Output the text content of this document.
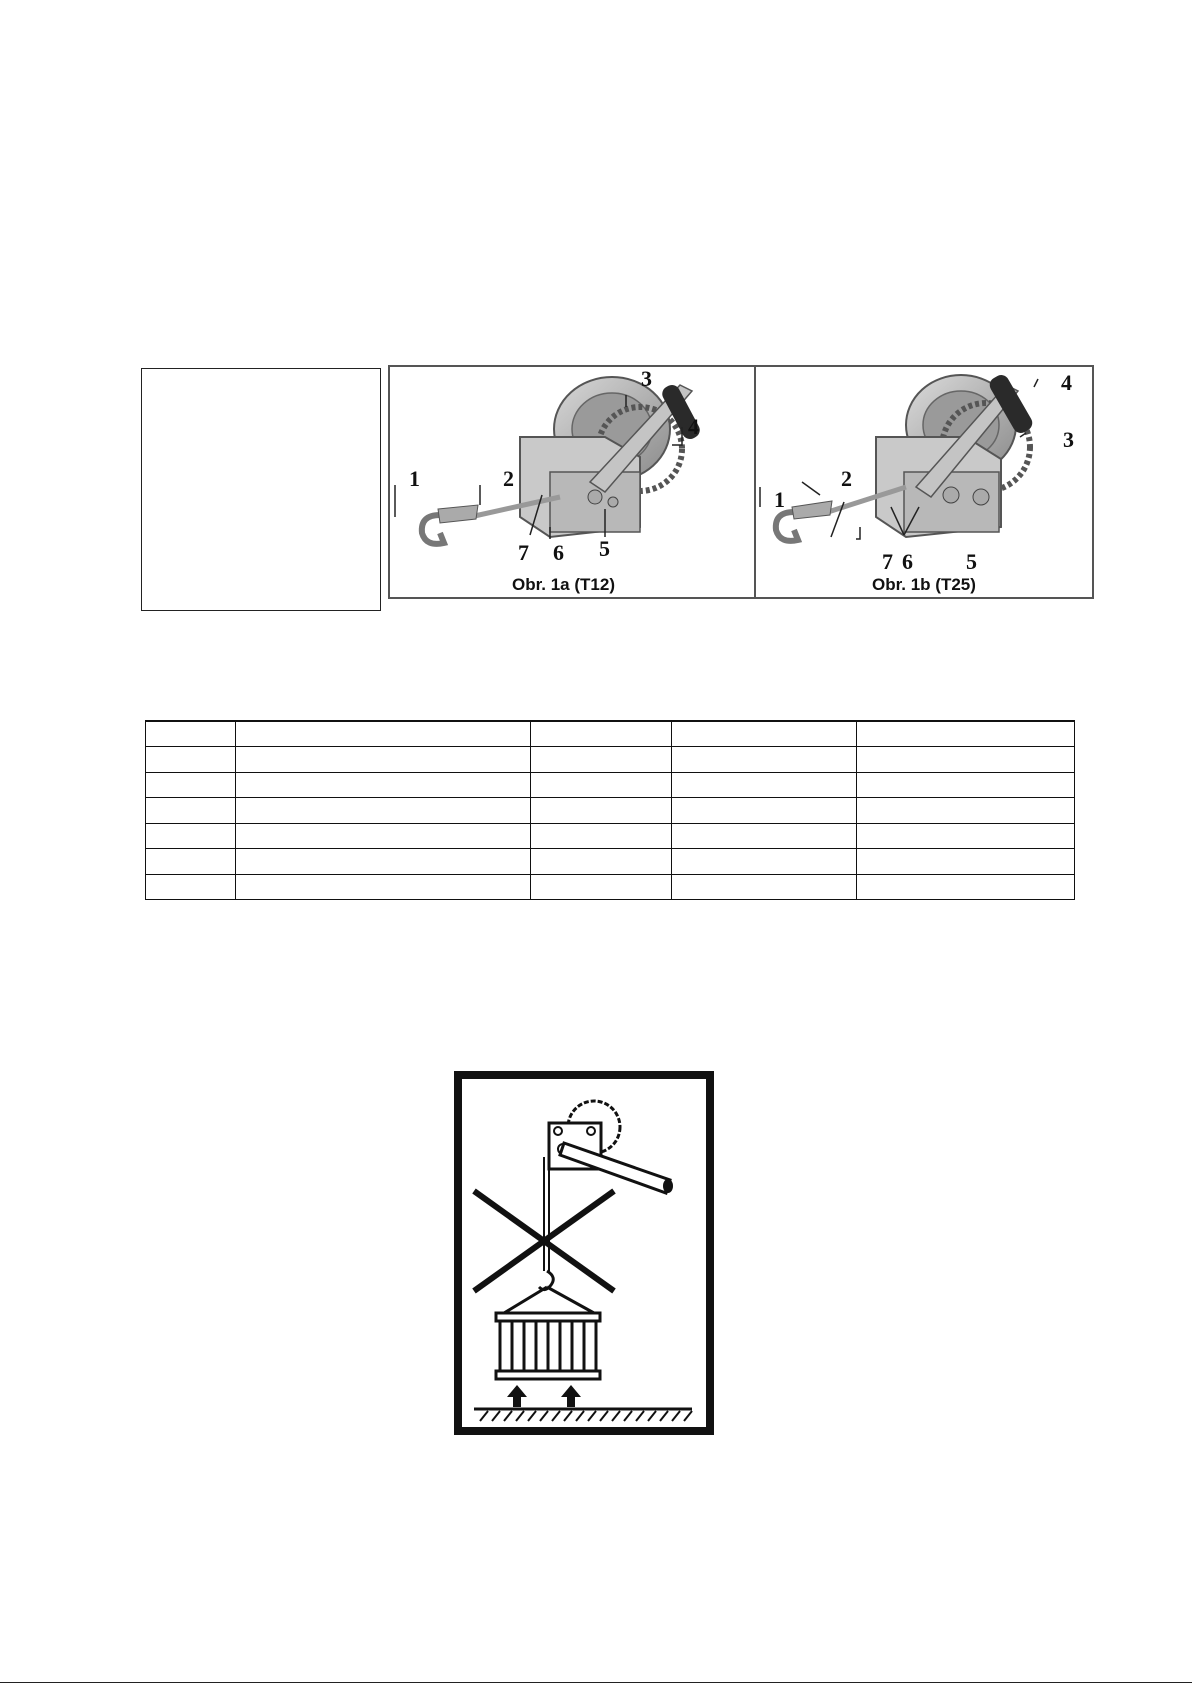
1	2
3
4
5
6
7
Obr. 1a (T12)
1
2
3
4
5
6
7
Obr. 1b (T25)
